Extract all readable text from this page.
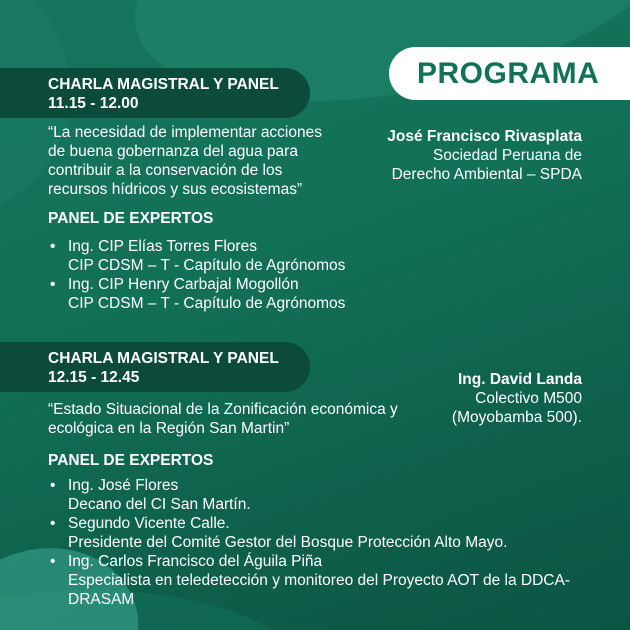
PROGRAMA
CHARLA MAGISTRAL Y PANEL
11.15 - 12.00
“La necesidad de implementar acciones
de buena gobernanza del agua para
contribuir a la conservación de los
recursos hídricos y sus ecosistemas”
José Francisco Rivasplata
Sociedad Peruana de
Derecho Ambiental – SPDA
PANEL DE EXPERTOS
• Ing. CIP Elías Torres Flores
CIP CDSM – T - Capítulo de Agrónomos
• Ing. CIP Henry Carbajal Mogollón
CIP CDSM – T - Capítulo de Agrónomos
CHARLA MAGISTRAL Y PANEL
12.15 - 12.45
“Estado Situacional de la Zonificación económica y
ecológica en la Región San Martin”
Ing. David Landa
Colectivo M500
(Moyobamba 500).
PANEL DE EXPERTOS
• Ing. José Flores
Decano del CI San Martín.
• Segundo Vicente Calle.
Presidente del Comité Gestor del Bosque Protección Alto Mayo.
• Ing. Carlos Francisco del Águila Piña
Especialista en teledetección y monitoreo del Proyecto AOT de la DDCA-
DRASAM
